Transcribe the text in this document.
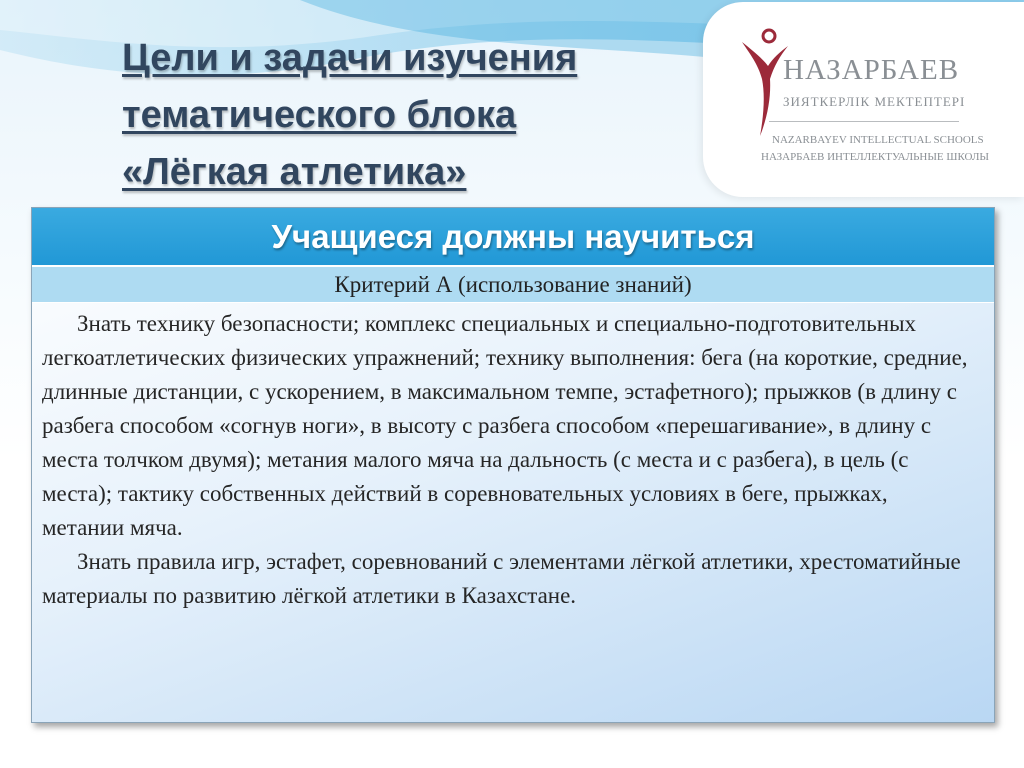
Цели и задачи изучения
тематического блока
«Лёгкая атлетика»
НАЗАРБАЕВ
ЗИЯТКЕРЛІК МЕКТЕПТЕРІ
NAZARBAYEV INTELLECTUAL SCHOOLS
НАЗАРБАЕВ ИНТЕЛЛЕКТУАЛЬНЫЕ ШКОЛЫ
Учащиеся должны научиться
Критерий А (использование знаний)

Знать технику безопасности; комплекс специальных и специально-подготовительных легкоатлетических физических упражнений; технику выполнения: бега (на короткие, средние, длинные дистанции, с ускорением, в максимальном темпе, эстафетного); прыжков (в длину с разбега способом «согнув ноги», в высоту с разбега способом «перешагивание», в длину с места толчком двумя); метания малого мяча на дальность (с места и с разбега), в цель (с места); тактику собственных действий в соревновательных условиях в беге, прыжках, метании мяча.

Знать правила игр, эстафет, соревнований с элементами лёгкой атлетики, хрестоматийные материалы по развитию лёгкой атлетики в Казахстане.
